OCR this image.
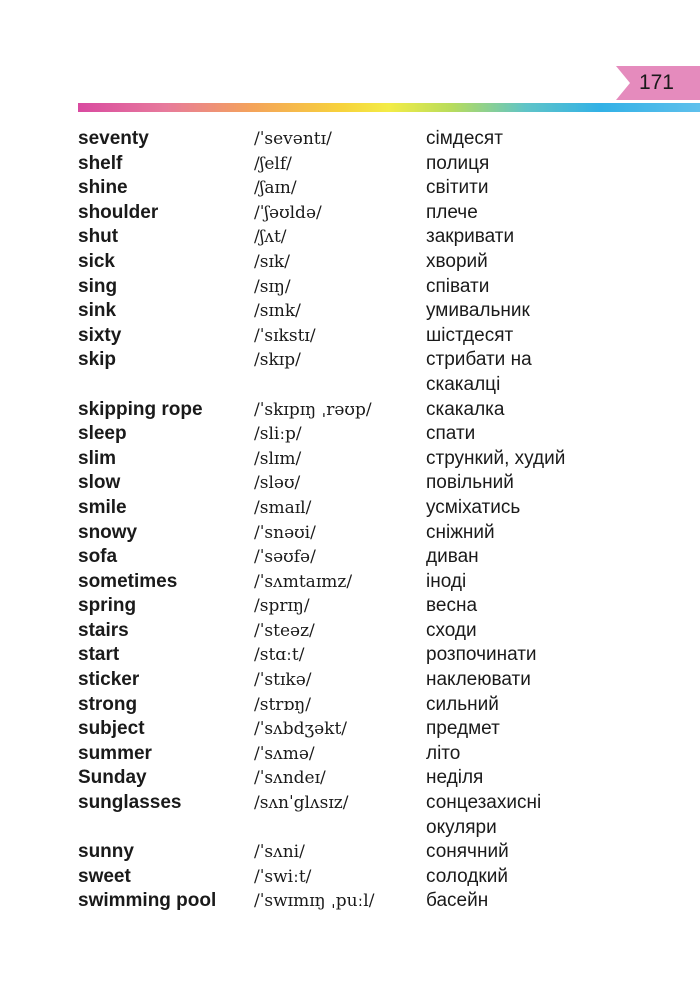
171
seventy	/ˈsevəntɪ/	сімдесят
shelf	/ʃelf/	полиця
shine	/ʃaɪn/	світити
shoulder	/ˈʃəʊldə/	плече
shut	/ʃʌt/	закривати
sick	/sɪk/	хворий
sing	/sɪŋ/	співати
sink	/sɪnk/	умивальник
sixty	/ˈsɪkstɪ/	шістдесят
skip	/skɪp/	стрибати на скакалці
skipping rope	/ˈskɪpɪŋ ˌrəʊp/	скакалка
sleep	/sliːp/	спати
slim	/slɪm/	стрункий, худий
slow	/sləʊ/	повільний
smile	/smaɪl/	усміхатись
snowy	/ˈsnəʊi/	сніжний
sofa	/ˈsəʊfə/	диван
sometimes	/ˈsʌmtaɪmz/	іноді
spring	/sprɪŋ/	весна
stairs	/ˈsteəz/	сходи
start	/stɑːt/	розпочинати
sticker	/ˈstɪkə/	наклеювати
strong	/strɒŋ/	сильний
subject	/ˈsʌbdʒəkt/	предмет
summer	/ˈsʌmə/	літо
Sunday	/ˈsʌndeɪ/	неділя
sunglasses	/sʌnˈglʌsɪz/	сонцезахисні окуляри
sunny	/ˈsʌni/	сонячний
sweet	/ˈswiːt/	солодкий
swimming pool	/ˈswɪmɪŋ ˌpuːl/	басейн
